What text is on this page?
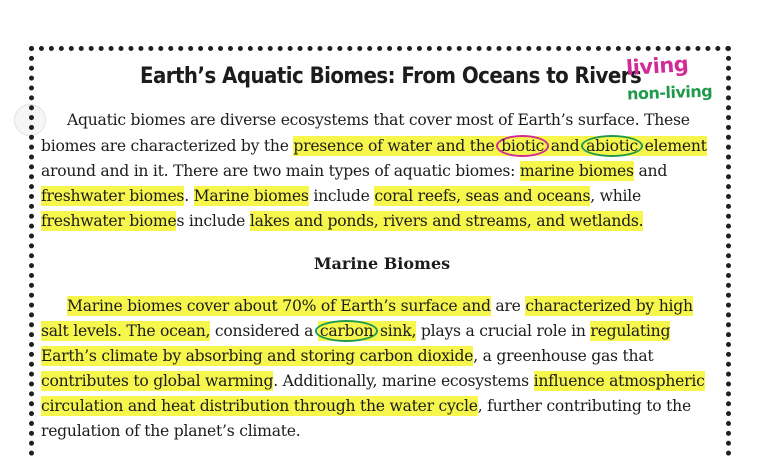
Earth’s Aquatic Biomes: From Oceans to Rivers
living
non-living
Aquatic biomes are diverse ecosystems that cover most of Earth’s surface. These
biomes are characterized by the presence of water and the biotic and abiotic element
around and in it. There are two main types of aquatic biomes: marine biomes and
freshwater biomes. Marine biomes include coral reefs, seas and oceans, while
freshwater biomes include lakes and ponds, rivers and streams, and wetlands.
Marine Biomes
Marine biomes cover about 70% of Earth’s surface and are characterized by high
salt levels. The ocean, considered a carbon sink, plays a crucial role in regulating
Earth’s climate by absorbing and storing carbon dioxide, a greenhouse gas that
contributes to global warming. Additionally, marine ecosystems influence atmospheric
circulation and heat distribution through the water cycle, further contributing to the
regulation of the planet’s climate.
